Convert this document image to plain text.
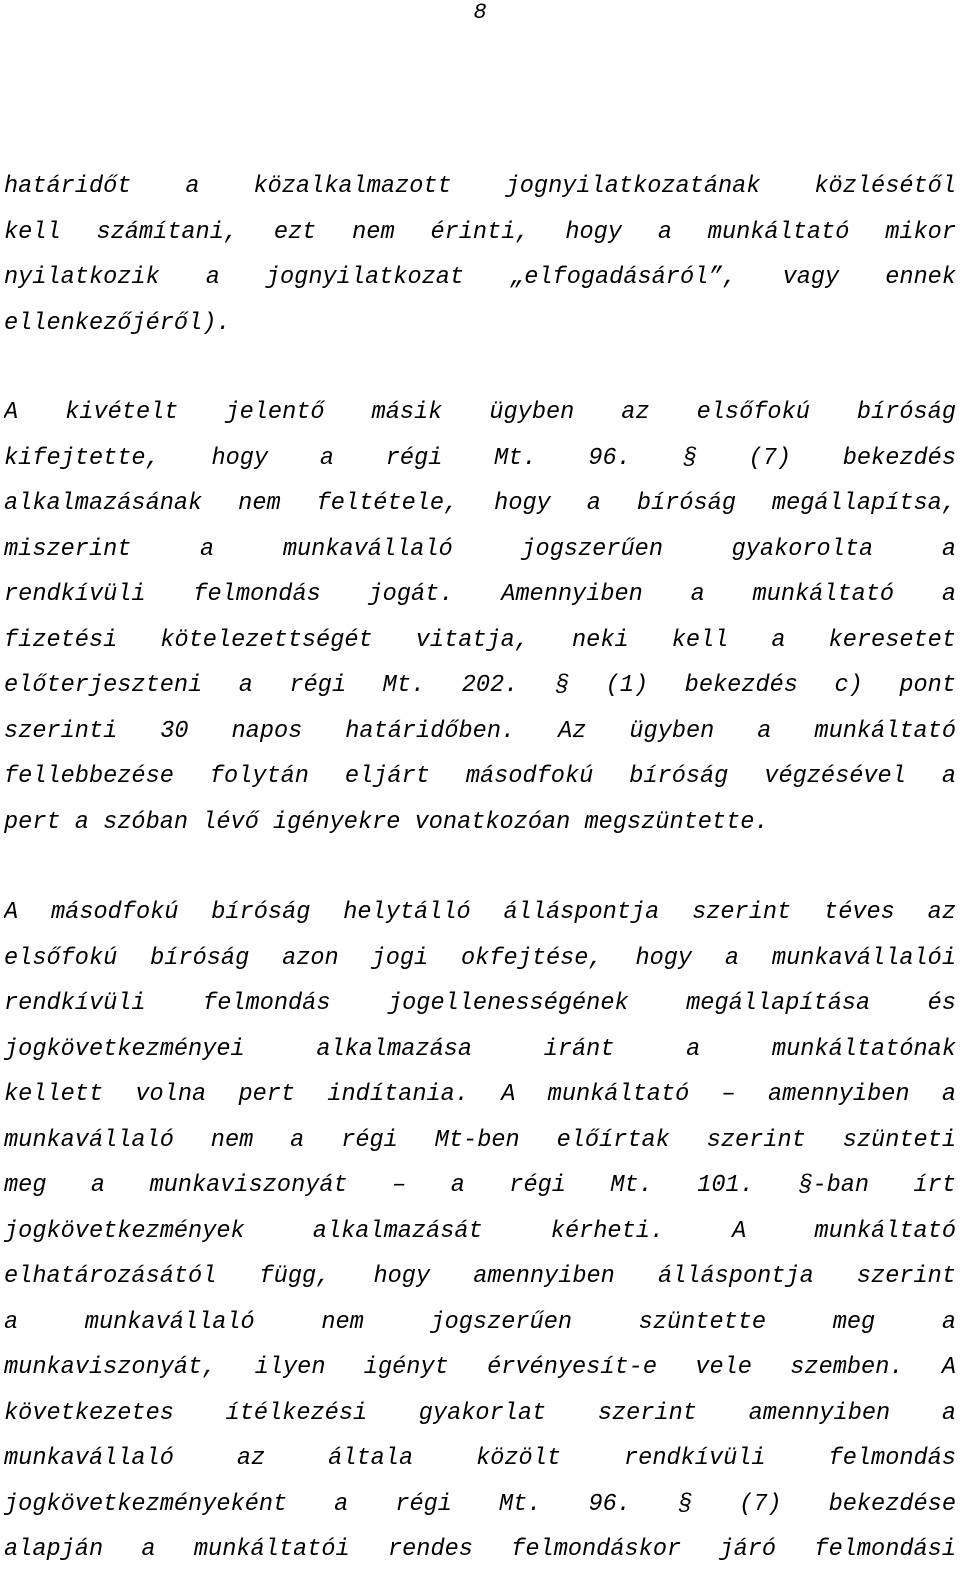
8
határidőt a közalkalmazott jognyilatkozatának közlésétől
kell számítani, ezt nem érinti, hogy a munkáltató mikor
nyilatkozik a jognyilatkozat „elfogadásáról”, vagy ennek
ellenkezőjéről).
A kivételt jelentő másik ügyben az elsőfokú bíróság
kifejtette, hogy a régi Mt. 96. § (7) bekezdés
alkalmazásának nem feltétele, hogy a bíróság megállapítsa,
miszerint a munkavállaló jogszerűen gyakorolta a
rendkívüli felmondás jogát. Amennyiben a munkáltató a
fizetési kötelezettségét vitatja, neki kell a keresetet
előterjeszteni a régi Mt. 202. § (1) bekezdés c) pont
szerinti 30 napos határidőben. Az ügyben a munkáltató
fellebbezése folytán eljárt másodfokú bíróság végzésével a
pert a szóban lévő igényekre vonatkozóan megszüntette.
A másodfokú bíróság helytálló álláspontja szerint téves az
elsőfokú bíróság azon jogi okfejtése, hogy a munkavállalói
rendkívüli felmondás jogellenességének megállapítása és
jogkövetkezményei alkalmazása iránt a munkáltatónak
kellett volna pert indítania. A munkáltató – amennyiben a
munkavállaló nem a régi Mt-ben előírtak szerint szünteti
meg a munkaviszonyát – a régi Mt. 101. §-ban írt
jogkövetkezmények alkalmazását kérheti. A munkáltató
elhatározásától függ, hogy amennyiben álláspontja szerint
a munkavállaló nem jogszerűen szüntette meg a
munkaviszonyát, ilyen igényt érvényesít-e vele szemben. A
következetes ítélkezési gyakorlat szerint amennyiben a
munkavállaló az általa közölt rendkívüli felmondás
jogkövetkezményeként a régi Mt. 96. § (7) bekezdése
alapján a munkáltatói rendes felmondáskor járó felmondási
